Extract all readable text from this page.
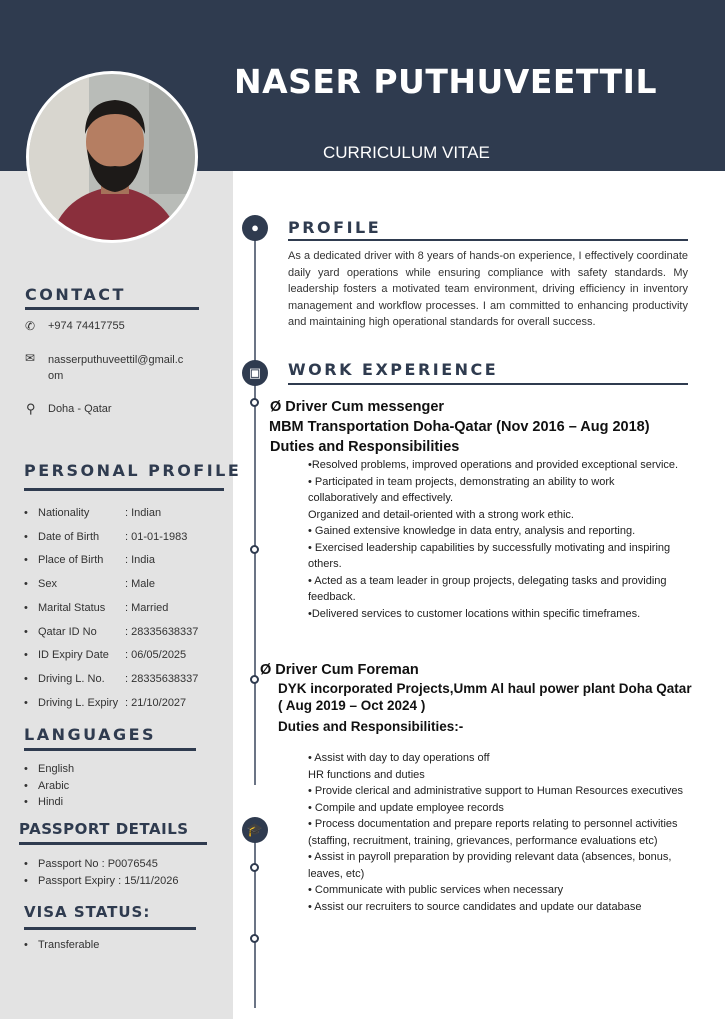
NASER PUTHUVEETTIL
CURRICULUM VITAE
CONTACT
✆ +974 74417755
✉ nasserputhuveettil@gmail.c
om
⚲ Doha - Qatar
PERSONAL PROFILE
• Nationality	: Indian
• Date of Birth : 01-01-1983
• Place of Birth : India
• Sex	: Male
• Marital Status : Married
• Qatar ID No	: 28335638337
• ID Expiry Date : 06/05/2025
• Driving L. No. : 28335638337
• Driving L. Expiry : 21/10/2027
LANGUAGES
• English
• Arabic
• Hindi
PASSPORT DETAILS
• Passport No : P0076545
• Passport Expiry : 15/11/2026
VISA STATUS:
• Transferable
●
▣
🎓
PROFILE
As a dedicated driver with 8 years of hands-on experience, I effectively coordinate daily yard operations while ensuring compliance with safety standards. My leadership fosters a motivated team environment, driving efficiency in inventory management and workflow processes. I am committed to enhancing productivity and maintaining high operational standards for overall success.
WORK EXPERIENCE
Ø Driver Cum messenger
MBM Transportation Doha-Qatar (Nov 2016 – Aug 2018)
Duties and Responsibilities
•Resolved problems, improved operations and provided exceptional service.
• Participated in team projects, demonstrating an ability to work collaboratively and effectively.
Organized and detail-oriented with a strong work ethic.
• Gained extensive knowledge in data entry, analysis and reporting.
• Exercised leadership capabilities by successfully motivating and inspiring others.
• Acted as a team leader in group projects, delegating tasks and providing feedback.
•Delivered services to customer locations within specific timeframes.
Ø Driver Cum Foreman
DYK incorporated Projects,Umm Al haul power plant Doha Qatar
( Aug 2019 – Oct 2024 )
Duties and Responsibilities:-
• Assist with day to day operations off
HR functions and duties
• Provide clerical and administrative support to Human Resources executives
• Compile and update employee records
• Process documentation and prepare reports relating to personnel activities (staffing, recruitment, training, grievances, performance evaluations etc)
• Assist in payroll preparation by providing relevant data (absences, bonus, leaves, etc)
• Communicate with public services when necessary
• Assist our recruiters to source candidates and update our database
